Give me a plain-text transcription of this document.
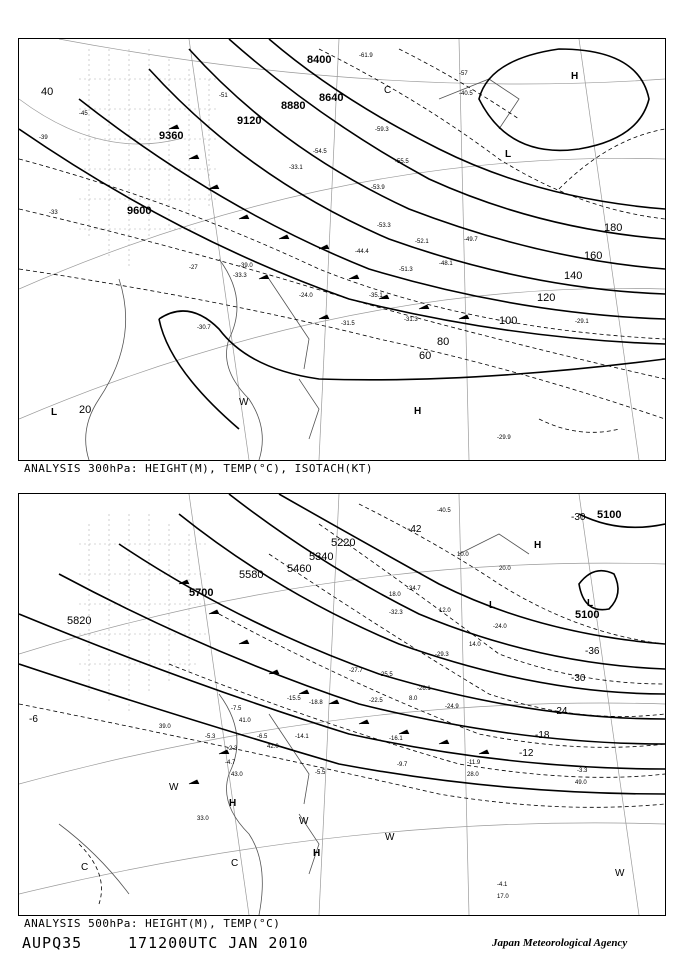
8400
8640
8880
9120
9360
9600
20
40
60
80
100
120
140
160
180
-39
-45
-51
-57
-33
-27
-61.9
-59.3
-55.5
-54.5
-53.9
-53.3
-52.1
-51.3
-49.7
-48.1
-44.4
-40.5
-39.0
-35.1
-33.3
-31.5
-31.3
-30.7
-29.1
-29.9
-24.0
-33.1
H
H
L
L
C
W
ANALYSIS 300hPa: HEIGHT(M), TEMP(°C), ISOTACH(KT)
5100
5100
5220
5340
5460
5580
5700
5820
-42
-36
-30
-30
-24
-18
-12
-6
-40.5
-34.7
-32.3
-29.3
-27.7
-26.1
-25.5
-24.9
-24.0
-22.5
-18.8
-16.1
-15.5
-14.1
-11.9
-9.7
-7.5
-6.5
-5.5
-5.3
-4.7
-4.1
-3.3
-2.3
49.0
43.0
42.0
41.0
39.0
33.0
28.0
20.0
18.0
17.0
14.0
12.0
10.0
8.0
H
H
H
L	L
C
C
W
W
W
W
ANALYSIS 500hPa: HEIGHT(M), TEMP(°C)
AUPQ35	171200UTC JAN 2010	Japan Meteorological Agency
